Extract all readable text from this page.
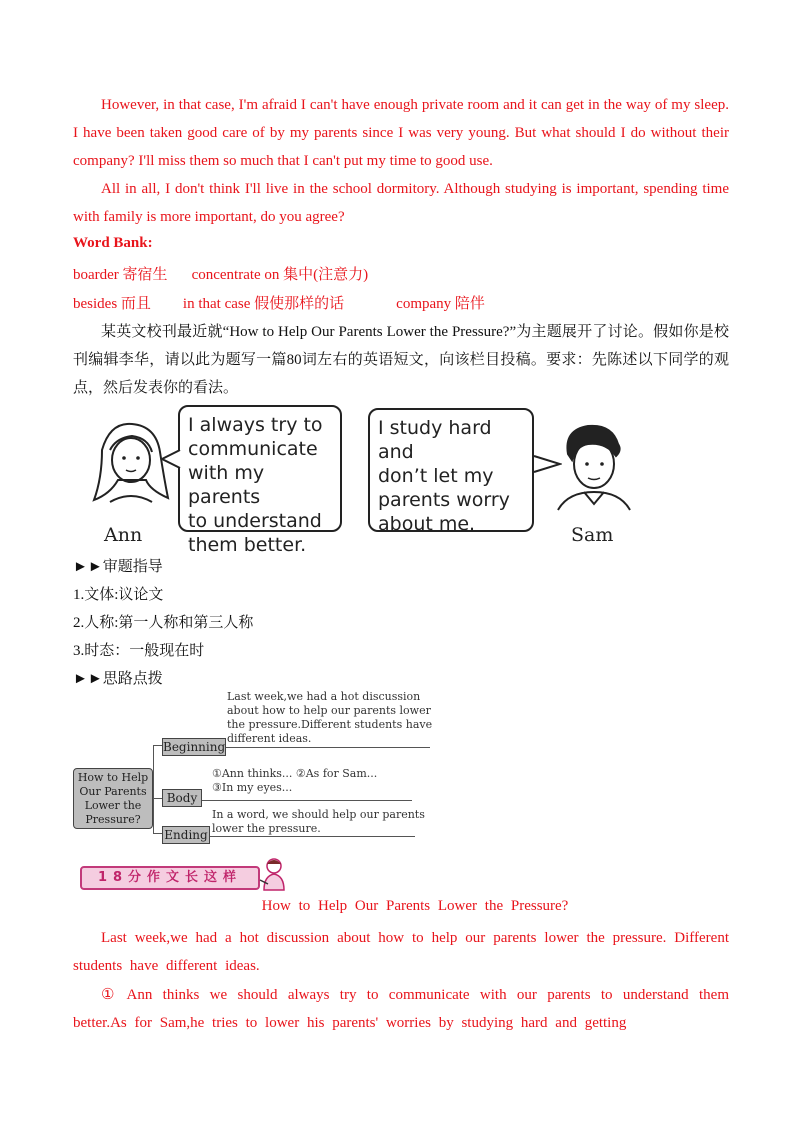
However, in that case, I'm afraid I can't have enough private room and it can get in the way of my sleep. I have been taken good care of by my parents since I was very young. But what should I do without their company? I'll miss them so much that I can't put my time to good use.

All in all, I don't think I'll live in the school dormitory. Although studying is important, spending time with family is more important, do you agree?

Word Bank:

boarder 寄宿生 concentrate on 集中(注意力)

besides 而且 in that case 假使那样的话	company 陪伴

某英文校刊最近就“How to Help Our Parents Lower the Pressure?”为主题展开了讨论。假如你是校刊编辑李华，请以此为题写一篇80词左右的英语短文，向该栏目投稿。要求：先陈述以下同学的观点，然后发表你的看法。

Ann
I always try to
communicate
with my parents
to understand
them better.
I study hard and
don’t let my
parents worry
about me.	Sam

►►审题指导

1.文体:议论文

2.人称:第一人称和第三人称

3.时态：一般现在时

►►思路点拨

How to Help
Our Parents
Lower the
Pressure?
Beginning
Last week,we had a hot discussion
about how to help our parents lower
the pressure.Different students have
different ideas.
Body
①Ann thinks... ②As for Sam...
③In my eyes...
Ending
In a word, we should help our parents
lower the pressure.
18分作文长这样
How to Help Our Parents Lower the Pressure?

Last week,we had a hot discussion about how to help our parents lower the pressure. Different students have different ideas.

① Ann thinks we should always try to communicate with our parents to understand them better.As for Sam,he tries to lower his parents' worries by studying hard and getting
